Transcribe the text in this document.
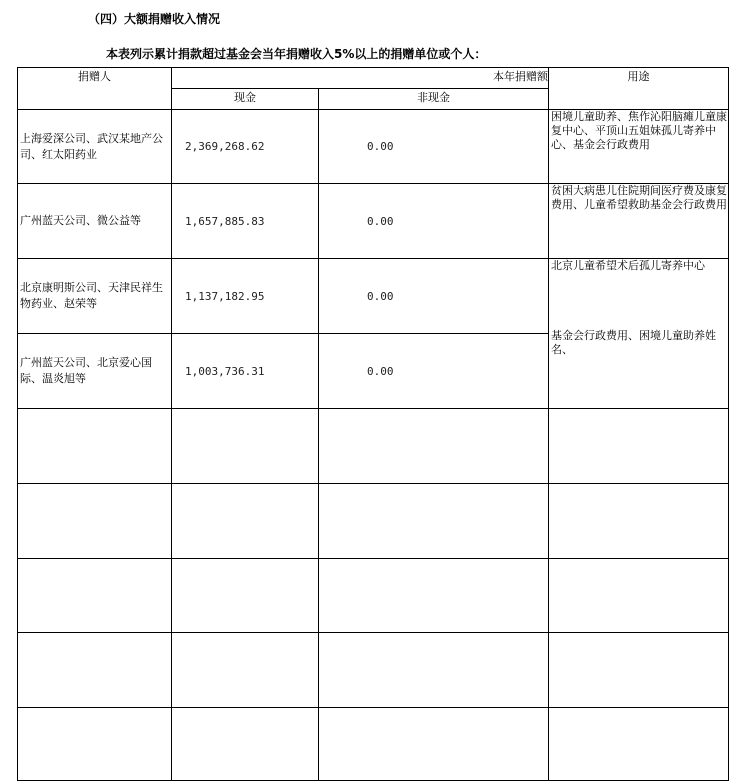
（四）大额捐赠收入情况
本表列示累计捐款超过基金会当年捐赠收入5%以上的捐赠单位或个人：
捐赠人	本年捐赠额		用途
	现金	非现金	
上海爱深公司、武汉某地产公司、红太阳药业	2,369,268.62	0.00	困境儿童助养、焦作沁阳脑瘫儿童康复中心、平顶山五姐妹孤儿寄养中心、基金会行政费用

广州蓝天公司、微公益等	1,657,885.83	0.00	贫困大病患儿住院期间医疗费及康复费用、儿童希望救助基金会行政费用

北京康明斯公司、天津民祥生物药业、赵荣等	1,137,182.95	0.00	北京儿童希望术后孤儿寄养中心
基金会行政费用、困境儿童助养姓名、

广州蓝天公司、北京爱心国际、温炎旭等	1,003,736.31	0.00	
